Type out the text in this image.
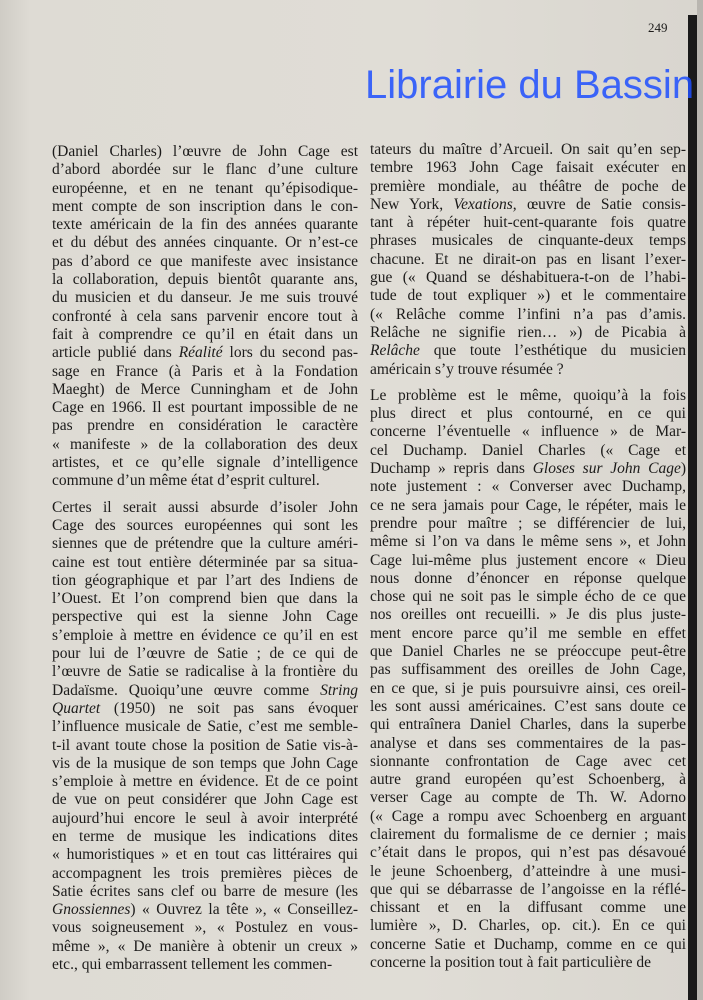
249
(Daniel Charles) l’œuvre de John Cage est
d’abord abordée sur le flanc d’une culture
européenne, et en ne tenant qu’épisodique-
ment compte de son inscription dans le con-
texte américain de la fin des années quarante
et du début des années cinquante. Or n’est-ce
pas d’abord ce que manifeste avec insistance
la collaboration, depuis bientôt quarante ans,
du musicien et du danseur. Je me suis trouvé
confronté à cela sans parvenir encore tout à
fait à comprendre ce qu’il en était dans un
article publié dans Réalité lors du second pas-
sage en France (à Paris et à la Fondation
Maeght) de Merce Cunningham et de John
Cage en 1966. Il est pourtant impossible de ne
pas prendre en considération le caractère
« manifeste » de la collaboration des deux
artistes, et ce qu’elle signale d’intelligence
commune d’un même état d’esprit culturel.
Certes il serait aussi absurde d’isoler John
Cage des sources européennes qui sont les
siennes que de prétendre que la culture améri-
caine est tout entière déterminée par sa situa-
tion géographique et par l’art des Indiens de
l’Ouest. Et l’on comprend bien que dans la
perspective qui est la sienne John Cage
s’emploie à mettre en évidence ce qu’il en est
pour lui de l’œuvre de Satie ; de ce qui de
l’œuvre de Satie se radicalise à la frontière du
Dadaïsme. Quoiqu’une œuvre comme String
Quartet (1950) ne soit pas sans évoquer
l’influence musicale de Satie, c’est me semble-
t-il avant toute chose la position de Satie vis-à-
vis de la musique de son temps que John Cage
s’emploie à mettre en évidence. Et de ce point
de vue on peut considérer que John Cage est
aujourd’hui encore le seul à avoir interprété
en terme de musique les indications dites
« humoristiques » et en tout cas littéraires qui
accompagnent les trois premières pièces de
Satie écrites sans clef ou barre de mesure (les
Gnossiennes) « Ouvrez la tête », « Conseillez-
vous soigneusement », « Postulez en vous-
même », « De manière à obtenir un creux »
etc., qui embarrassent tellement les commen-
tateurs du maître d’Arcueil. On sait qu’en sep-
tembre 1963 John Cage faisait exécuter en
première mondiale, au théâtre de poche de
New York, Vexations, œuvre de Satie consis-
tant à répéter huit-cent-quarante fois quatre
phrases musicales de cinquante-deux temps
chacune. Et ne dirait-on pas en lisant l’exer-
gue (« Quand se déshabituera-t-on de l’habi-
tude de tout expliquer ») et le commentaire
(« Relâche comme l’infini n’a pas d’amis.
Relâche ne signifie rien… ») de Picabia à
Relâche que toute l’esthétique du musicien
américain s’y trouve résumée ?
Le problème est le même, quoiqu’à la fois
plus direct et plus contourné, en ce qui
concerne l’éventuelle « influence » de Mar-
cel Duchamp. Daniel Charles (« Cage et
Duchamp » repris dans Gloses sur John Cage)
note justement : « Converser avec Duchamp,
ce ne sera jamais pour Cage, le répéter, mais le
prendre pour maître ; se différencier de lui,
même si l’on va dans le même sens », et John
Cage lui-même plus justement encore « Dieu
nous donne d’énoncer en réponse quelque
chose qui ne soit pas le simple écho de ce que
nos oreilles ont recueilli. » Je dis plus juste-
ment encore parce qu’il me semble en effet
que Daniel Charles ne se préoccupe peut-être
pas suffisamment des oreilles de John Cage,
en ce que, si je puis poursuivre ainsi, ces oreil-
les sont aussi américaines. C’est sans doute ce
qui entraînera Daniel Charles, dans la superbe
analyse et dans ses commentaires de la pas-
sionnante confrontation de Cage avec cet
autre grand européen qu’est Schoenberg, à
verser Cage au compte de Th. W. Adorno
(« Cage a rompu avec Schoenberg en arguant
clairement du formalisme de ce dernier ; mais
c’était dans le propos, qui n’est pas désavoué
le jeune Schoenberg, d’atteindre à une musi-
que qui se débarrasse de l’angoisse en la réflé-
chissant et en la diffusant comme une
lumière », D. Charles, op. cit.). En ce qui
concerne Satie et Duchamp, comme en ce qui
concerne la position tout à fait particulière de
Librairie du Bassin
